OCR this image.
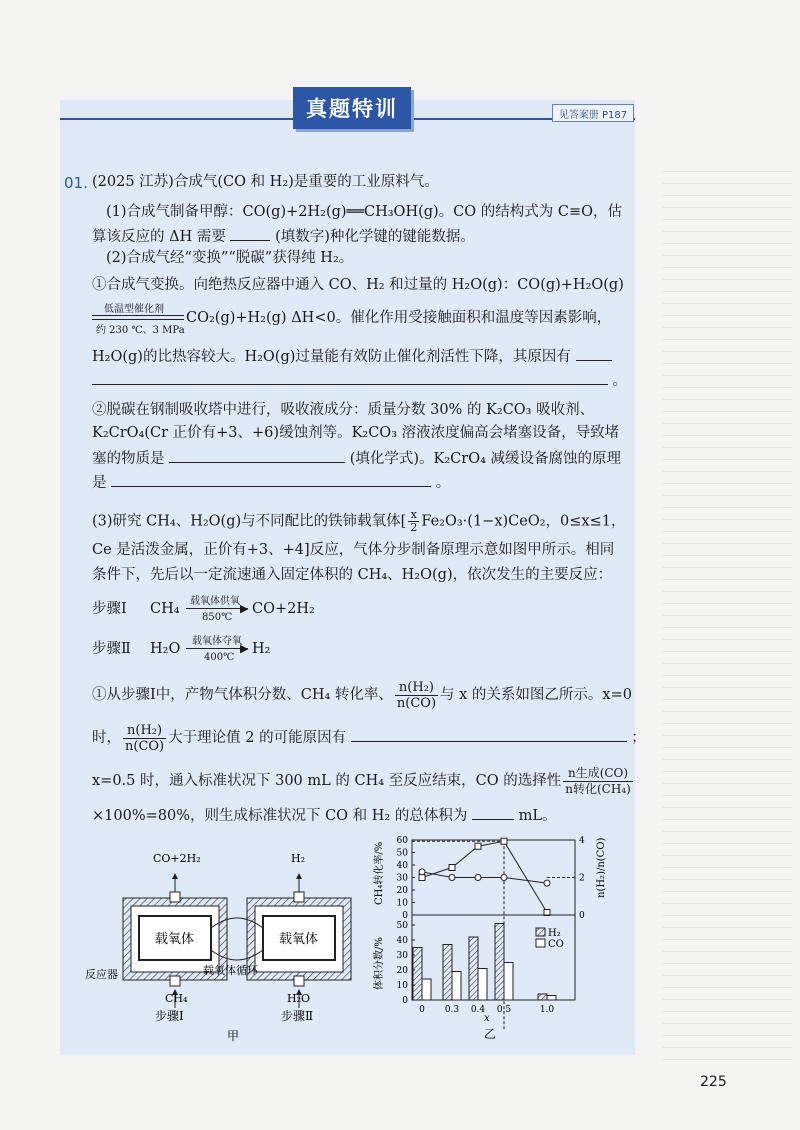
真题特训	见答案册 P187
01. (2025 江苏)合成气(CO 和 H₂)是重要的工业原料气。
(1)合成气制备甲醇：CO(g)+2H₂(g)══CH₃OH(g)。CO 的结构式为 C≡O，估
算该反应的 ΔH 需要	(填数字)种化学键的键能数据。
(2)合成气经“变换”“脱碳”获得纯 H₂。
①合成气变换。向绝热反应器中通入 CO、H₂ 和过量的 H₂O(g)：CO(g)+H₂O(g)
低温型催化剂
约 230 ℃、3 MPa
CO₂(g)+H₂(g) ΔH<0。催化作用受接触面积和温度等因素影响，
H₂O(g)的比热容较大。H₂O(g)过量能有效防止催化剂活性下降，其原因有
。
②脱碳在钢制吸收塔中进行，吸收液成分：质量分数 30% 的 K₂CO₃ 吸收剂、
K₂CrO₄(Cr 正价有+3、+6)缓蚀剂等。K₂CO₃ 溶液浓度偏高会堵塞设备，导致堵
塞的物质是	(填化学式)。K₂CrO₄ 减缓设备腐蚀的原理
是	。
(3)研究 CH₄、H₂O(g)与不同配比的铁铈载氧体[ $\frac{x}{2} Fe_2O_3\cdot(1-x)CeO_2$，0≤x≤1，
Ce 是活泼金属，正价有+3、+4]反应，气体分步制备原理示意如图甲所示。相同
条件下，先后以一定流速通入固定体积的 CH₄、H₂O(g)，依次发生的主要反应：
步骤Ⅰ CH₄ 载氧体供氧
▶
850℃
CO+2H₂
步骤Ⅱ H₂O 载氧体夺氧
▶
400℃
H₂
①从步骤Ⅰ中，产物气体积分数、CH₄ 转化率、 $\frac{\text{n(H₂)}}{n(CO)}$ 与 x 的关系如图乙所示。x=0
时， $\frac{\text{n(H₂)}}{n(CO)}$ 大于理论值 2 的可能原因有	；
x=0.5 时，通入标准状况下 300 mL 的 CH₄ 至反应结束，CO 的选择性 $\frac{\text{n生成(CO)}}{\text{n转化(CH₄)}}$
×100%=80%，则生成标准状况下 CO 和 H₂ 的总体积为	mL。
CO+2H₂	H₂
载氧体	载氧体
反应器	载氧体循环
CH₄	H₂O
步骤Ⅰ	步骤Ⅱ
甲
0
10
20
30
40
50
60
0
2
4
0
10
20
30
40
50
0 0.3 0.4 0.5	1.0
CH₄转化率/%
体积分数/%
n(H₂)/n(CO)
x
乙
H₂
CO
225
